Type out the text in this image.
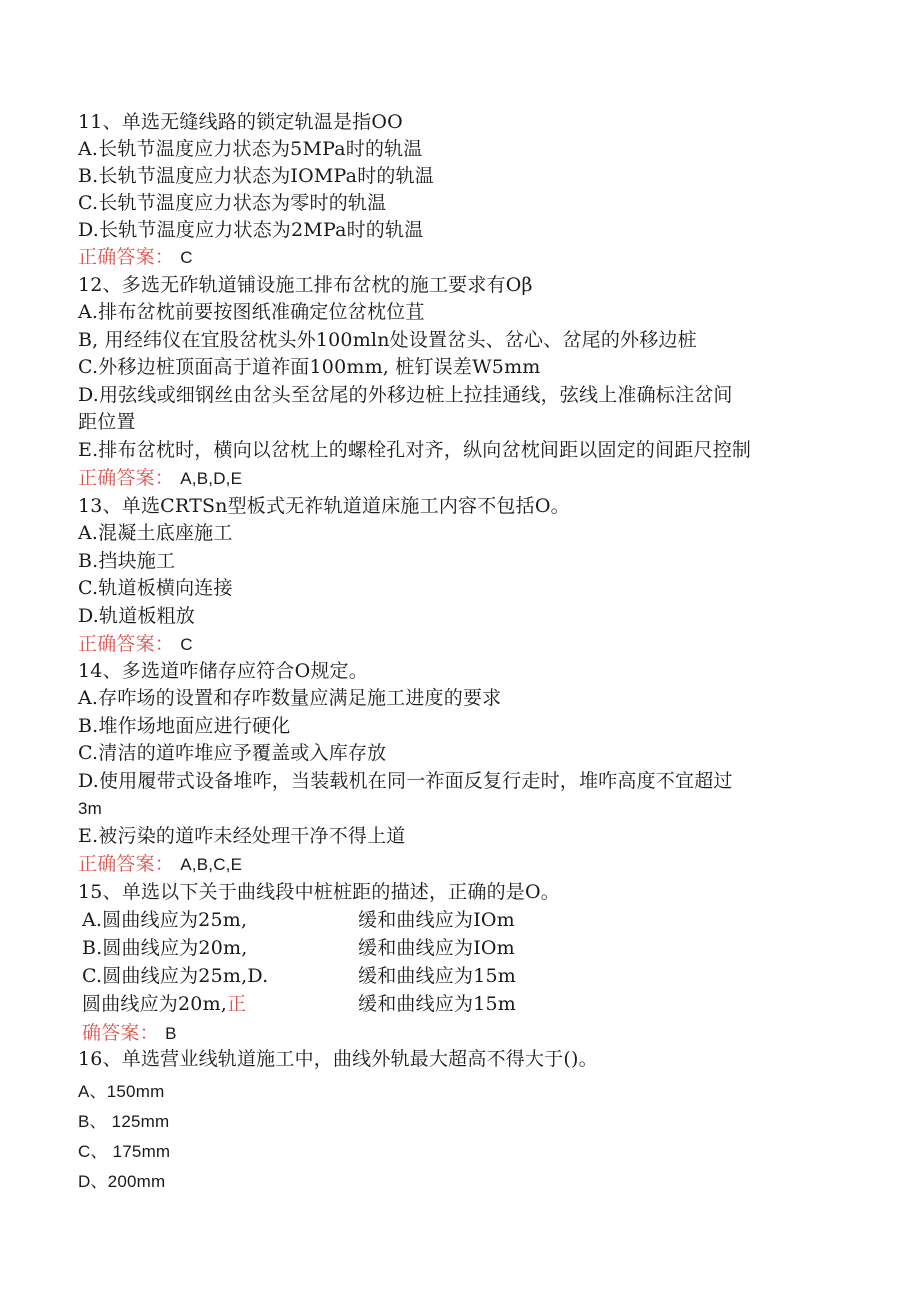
11、单选无缝线路的锁定轨温是指OO
A.长轨节温度应力状态为5MPa时的轨温
B.长轨节温度应力状态为IOMPa时的轨温
C.长轨节温度应力状态为零时的轨温
D.长轨节温度应力状态为2MPa时的轨温
正确答案： C
12、多选无砟轨道铺设施工排布岔枕的施工要求有Oβ
A.排布岔枕前要按图纸准确定位岔枕位苴
B, 用经纬仪在宜股岔枕头外100mln处设置岔头、岔心、岔尾的外移边桩
C.外移边桩顶面高于道祚面100mm, 桩钉误差W5mm
D.用弦线或细钢丝由岔头至岔尾的外移边桩上拉挂通线，弦线上准确标注岔间
距位置
E.排布岔枕时，横向以岔枕上的螺栓孔对齐，纵向岔枕间距以固定的间距尺控制
正确答案： A,B,D,E
13、单选CRTSn型板式无祚轨道道床施工内容不包括O。
A.混凝土底座施工
B.挡块施工
C.轨道板横向连接
D.轨道板粗放
正确答案： C
14、多选道咋储存应符合O规定。
A.存咋场的设置和存咋数量应满足施工进度的要求
B.堆作场地面应进行硬化
C.清洁的道咋堆应予覆盖或入库存放
D.使用履带式设备堆咋，当装载机在同一祚面反复行走时，堆咋高度不宜超过
3m
E.被污染的道咋未经处理干净不得上道
正确答案： A,B,C,E
15、单选以下关于曲线段中桩桩距的描述，正确的是O。
A.圆曲线应为25m,	缓和曲线应为IOm
B.圆曲线应为20m,	缓和曲线应为IOm
C.圆曲线应为25m,D.	缓和曲线应为15m
圆曲线应为20m,正	缓和曲线应为15m
确答案： B
16、单选营业线轨道施工中，曲线外轨最大超高不得大于()。
A、150mm
B、 125mm
C、 175mm
D、200mm
